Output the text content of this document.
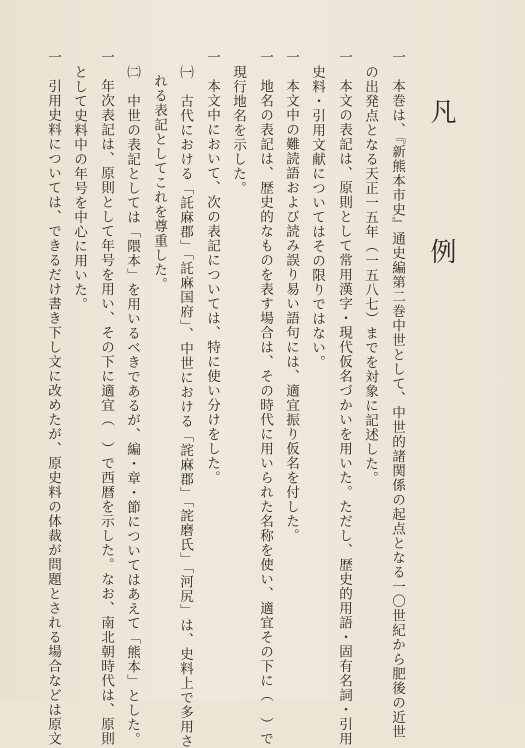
凡　例
一　本巻は、『新熊本市史』通史編第二巻中世として、中世的諸関係の起点となる一〇世紀から肥後の近世
の出発点となる天正一五年（一五八七）までを対象に記述した。
一　本文の表記は、原則として常用漢字・現代仮名づかいを用いた。ただし、歴史的用語・固有名詞・引用
史料・引用文献についてはその限りではない。
一　本文中の難読語および読み誤り易い語句には、適宜振り仮名を付した。
一　地名の表記は、歴史的なものを表す場合は、その時代に用いられた名称を使い、適宜その下に（　）で
現行地名を示した。
一　本文中において、次の表記については、特に使い分けをした。
㈠　古代における「託麻郡」「託麻国府」、中世における「詫麻郡」「詫磨氏」「河尻」は、史料上で多用さ
れる表記としてこれを尊重した。
㈡　中世の表記としては「隈本」を用いるべきであるが、編・章・節についてはあえて「熊本」とした。
一　年次表記は、原則として年号を用い、その下に適宜（　）で西暦を示した。なお、南北朝時代は、原則
として史料中の年号を中心に用いた。
一　引用史料については、できるだけ書き下し文に改めたが、原史料の体裁が問題とされる場合などは原文
